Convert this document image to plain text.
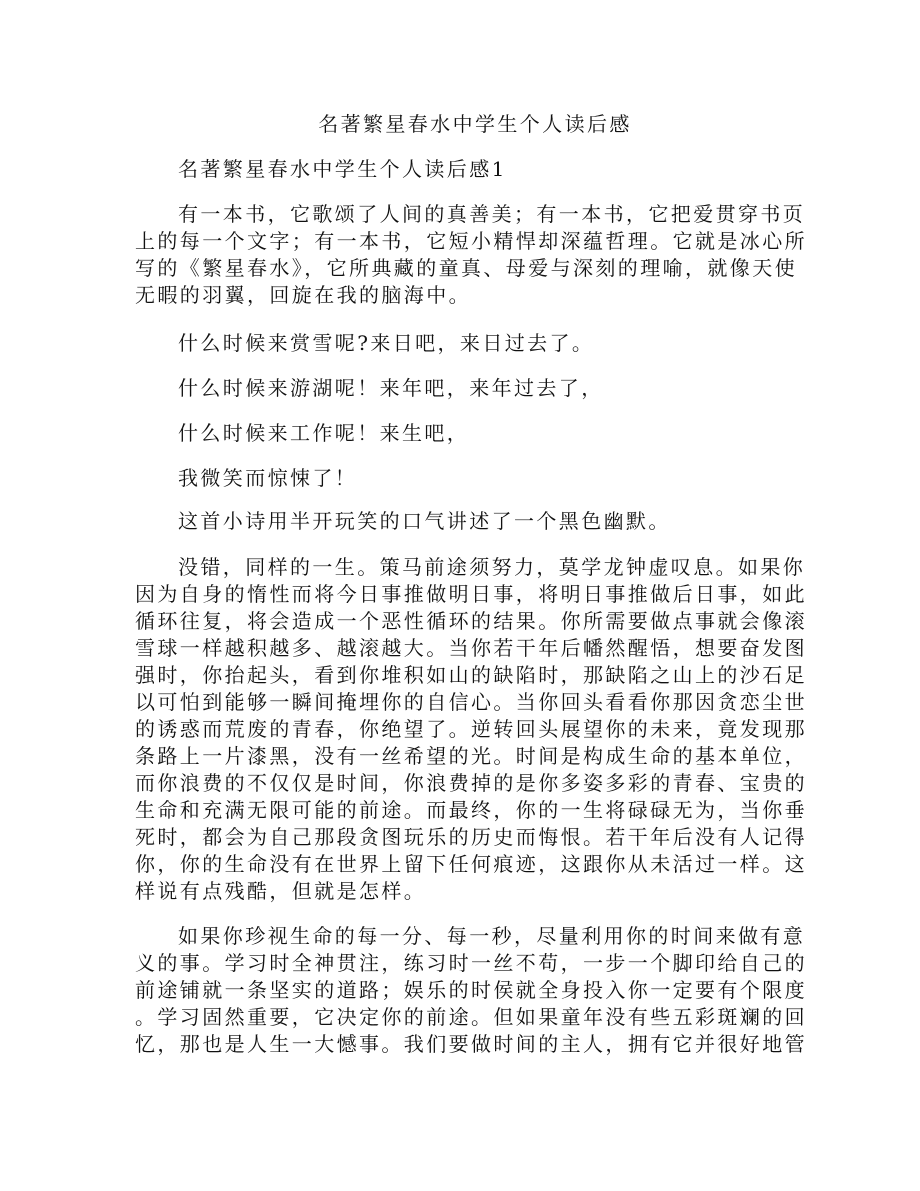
名著繁星春水中学生个人读后感
名著繁星春水中学生个人读后感1
有一本书，它歌颂了人间的真善美；有一本书，它把爱贯穿书页
上的每一个文字；有一本书，它短小精悍却深蕴哲理。它就是冰心所
写的《繁星春水》，它所典藏的童真、母爱与深刻的理喻，就像天使
无暇的羽翼，回旋在我的脑海中。
什么时候来赏雪呢?来日吧，来日过去了。
什么时候来游湖呢！来年吧，来年过去了，
什么时候来工作呢！来生吧，
我微笑而惊悚了！
这首小诗用半开玩笑的口气讲述了一个黑色幽默。
没错，同样的一生。策马前途须努力，莫学龙钟虚叹息。如果你
因为自身的惰性而将今日事推做明日事，将明日事推做后日事，如此
循环往复，将会造成一个恶性循环的结果。你所需要做点事就会像滚
雪球一样越积越多、越滚越大。当你若干年后幡然醒悟，想要奋发图
强时，你抬起头，看到你堆积如山的缺陷时，那缺陷之山上的沙石足
以可怕到能够一瞬间掩埋你的自信心。当你回头看看你那因贪恋尘世
的诱惑而荒废的青春，你绝望了。逆转回头展望你的未来，竟发现那
条路上一片漆黑，没有一丝希望的光。时间是构成生命的基本单位，
而你浪费的不仅仅是时间，你浪费掉的是你多姿多彩的青春、宝贵的
生命和充满无限可能的前途。而最终，你的一生将碌碌无为，当你垂
死时，都会为自己那段贪图玩乐的历史而悔恨。若干年后没有人记得
你，你的生命没有在世界上留下任何痕迹，这跟你从未活过一样。这
样说有点残酷，但就是怎样。
如果你珍视生命的每一分、每一秒，尽量利用你的时间来做有意
义的事。学习时全神贯注，练习时一丝不苟，一步一个脚印给自己的
前途铺就一条坚实的道路；娱乐的时侯就全身投入你一定要有个限度
。学习固然重要，它决定你的前途。但如果童年没有些五彩斑斓的回
忆，那也是人生一大憾事。我们要做时间的主人，拥有它并很好地管
